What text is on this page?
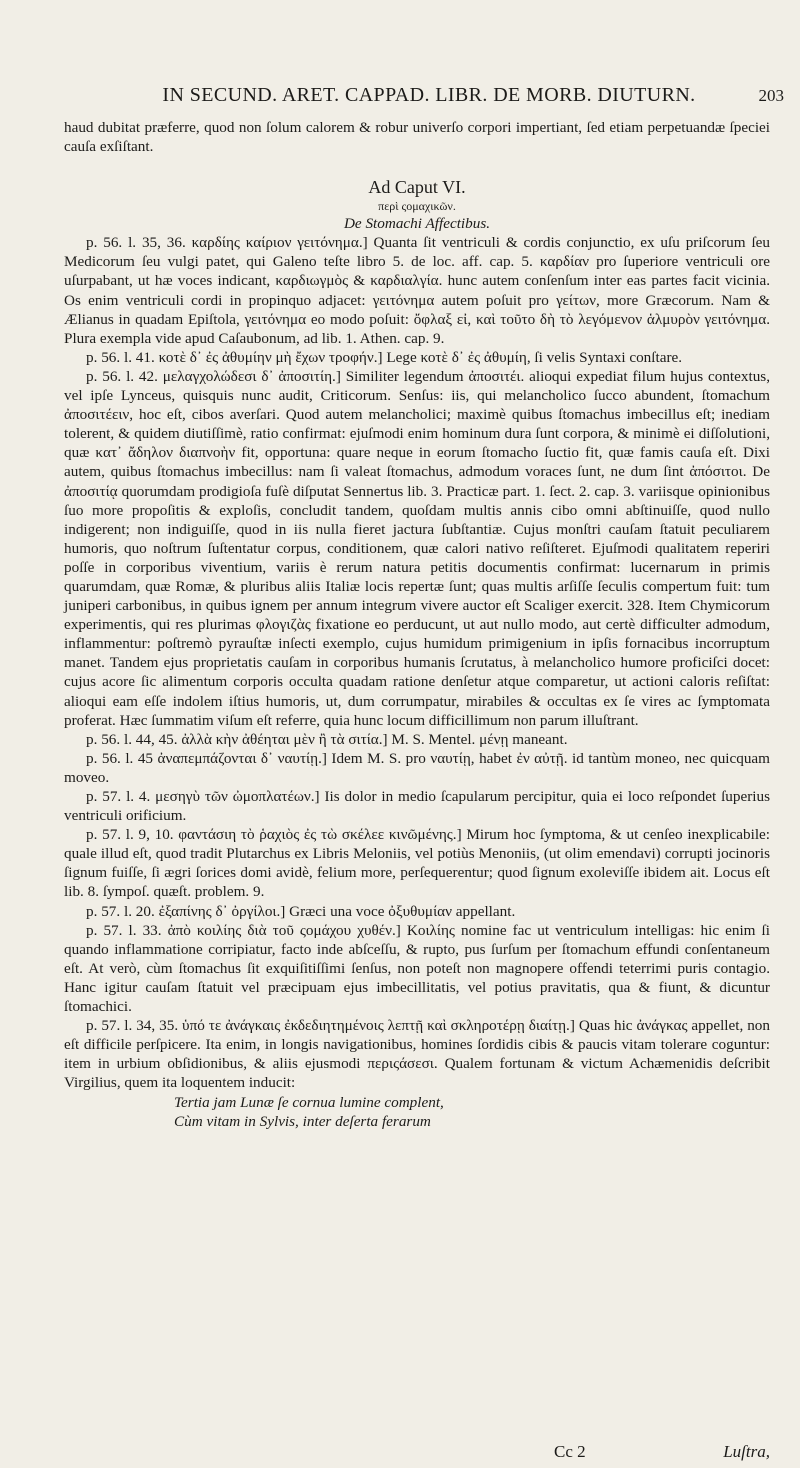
IN SECUND. ARET. CAPPAD. LIBR. DE MORB. DIUTURN.	203

haud dubitat præferre, quod non ſolum calorem & robur univerſo corpori impertiant, ſed etiam perpetuandæ ſpeciei cauſa exſiſtant.

Ad Caput VI.

περὶ ςομαχικῶν.

De Stomachi Affectibus.

p. 56. l. 35, 36. καρδίης καίριον γειτόνημα.] Quanta ſit ventriculi & cordis conjunctio, ex uſu priſcorum ſeu Medicorum ſeu vulgi patet, qui Galeno teſte libro 5. de loc. aff. cap. 5. καρδίαν pro ſuperiore ventriculi ore uſurpabant, ut hæ voces indicant, καρδιωγμὸς & καρδιαλγία. hunc autem conſenſum inter eas partes facit vicinia. Os enim ventriculi cordi in propinquo adjacet: γειτόνημα autem poſuit pro γείτων, more Græcorum. Nam & Ælianus in quadam Epiſtola, γειτόνημα eo modo poſuit: ὄφλαξ εἰ, καὶ τοῦτο δὴ τὸ λεγόμενον ἁλμυρὸν γειτόνημα. Plura exempla vide apud Caſaubonum, ad lib. 1. Athen. cap. 9.

p. 56. l. 41. κοτὲ δ᾽ ἐς ἀθυμίην μὴ ἔχων τροφήν.] Lege κοτὲ δ᾽ ἐς ἀθυμίη, ſi velis Syntaxi conſtare.

p. 56. l. 42. μελαγχολώδεσι δ᾽ ἀποσιτίη.] Similiter legendum ἀποσιτέι. alioqui expediat filum hujus contextus, vel ipſe Lynceus, quisquis nunc audit, Criticorum. Senſus: iis, qui melancholico ſucco abundent, ſtomachum ἀποσιτέειν, hoc eſt, cibos averſari. Quod autem melancholici; maximè quibus ſtomachus imbecillus eſt; inediam tolerent, & quidem diutiſſimè, ratio confirmat: ejuſmodi enim hominum dura ſunt corpora, & minimè ei diſſolutioni, quæ κατ᾽ ἄδηλον διαπνοὴν fit, opportuna: quare neque in eorum ſtomacho ſuctio fit, quæ famis cauſa eſt. Dixi autem, quibus ſtomachus imbecillus: nam ſi valeat ſtomachus, admodum voraces ſunt, ne dum ſint ἀπόσιτοι. De ἀποσιτίᾳ quorumdam prodigioſa fuſè diſputat Sennertus lib. 3. Practicæ part. 1. ſect. 2. cap. 3. variisque opinionibus ſuo more propoſitis & exploſis, concludit tandem, quoſdam multis annis cibo omni abſtinuiſſe, quod nullo indigerent; non indiguiſſe, quod in iis nulla fieret jactura ſubſtantiæ. Cujus monſtri cauſam ſtatuit peculiarem humoris, quo noſtrum ſuſtentatur corpus, conditionem, quæ calori nativo reſiſteret. Ejuſmodi qualitatem reperiri poſſe in corporibus viventium, variis è rerum natura petitis documentis confirmat: lucernarum in primis quarumdam, quæ Romæ, & pluribus aliis Italiæ locis repertæ ſunt; quas multis arſiſſe ſeculis compertum fuit: tum juniperi carbonibus, in quibus ignem per annum integrum vivere auctor eſt Scaliger exercit. 328. Item Chymicorum experimentis, qui res plurimas φλογιζὰς fixatione eo perducunt, ut aut nullo modo, aut certè difficulter admodum, inflammentur: poſtremò pyrauſtæ inſecti exemplo, cujus humidum primigenium in ipſis fornacibus incorruptum manet. Tandem ejus proprietatis cauſam in corporibus humanis ſcrutatus, à melancholico humore proficiſci docet: cujus acore ſic alimentum corporis occulta quadam ratione denſetur atque comparetur, ut actioni caloris reſiſtat: alioqui eam eſſe indolem iſtius humoris, ut, dum corrumpatur, mirabiles & occultas ex ſe vires ac ſymptomata proferat. Hæc ſummatim viſum eſt referre, quia hunc locum difficillimum non parum illuſtrant.

p. 56. l. 44, 45. ἀλλὰ κὴν ἀθέηται μὲν ἢ τὰ σιτία.] M. S. Mentel. μένῃ maneant.

p. 56. l. 45 ἀναπεμπάζονται δ᾽ ναυτίῃ.] Idem M. S. pro ναυτίῃ, habet ἐν αὐτῇ. id tantùm moneo, nec quicquam moveo.

p. 57. l. 4. μεσηγὺ τῶν ὠμοπλατέων.] Iis dolor in medio ſcapularum percipitur, quia ei loco reſpondet ſuperius ventriculi orificium.

p. 57. l. 9, 10. φαντάσιη τὸ ῥαχιὸς ἐς τὼ σκέλεε κινῶμένης.] Mirum hoc ſymptoma, & ut cenſeo inexplicabile: quale illud eſt, quod tradit Plutarchus ex Libris Meloniis, vel potiùs Menoniis, (ut olim emendavi) corrupti jocinoris ſignum fuiſſe, ſi ægri ſorices domi avidè, felium more, perſequerentur; quod ſignum exoleviſſe ibidem ait. Locus eſt lib. 8. ſympoſ. quæſt. problem. 9.

p. 57. l. 20. ἐξαπίνης δ᾽ ὀργίλοι.] Græci una voce ὀξυθυμίαν appellant.

p. 57. l. 33. ἀπὸ κοιλίης διὰ τοῦ ςομάχου χυθέν.] Κοιλίης nomine fac ut ventriculum intelligas: hic enim ſi quando inflammatione corripiatur, facto inde abſceſſu, & rupto, pus ſurſum per ſtomachum effundi conſentaneum eſt. At verò, cùm ſtomachus ſit exquiſitiſſimi ſenſus, non poteſt non magnopere offendi teterrimi puris contagio. Hanc igitur cauſam ſtatuit vel præcipuam ejus imbecillitatis, vel potius pravitatis, qua & fiunt, & dicuntur ſtomachici.

p. 57. l. 34, 35. ὑπό τε ἀνάγκαις ἐκδεδιητημένοις λεπτῇ καὶ σκληροτέρῃ διαίτῃ.] Quas hic ἀνάγκας appellet, non eſt difficile perſpicere. Ita enim, in longis navigationibus, homines ſordidis cibis & paucis vitam tolerare coguntur: item in urbium obſidionibus, & aliis ejusmodi περιςάσεσι. Qualem fortunam & victum Achæmenidis deſcribit Virgilius, quem ita loquentem inducit:

Tertia jam Lunæ ſe cornua lumine complent,

Cùm vitam in Sylvis, inter deſerta ferarum

Cc 2	Luſtra,
